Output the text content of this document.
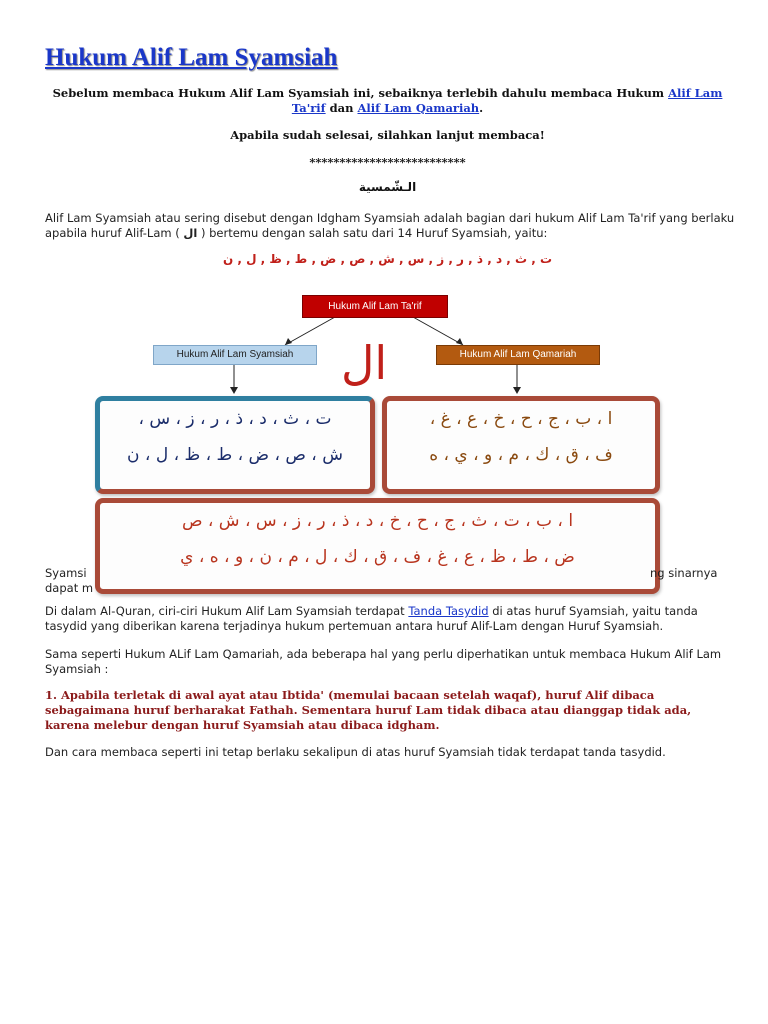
Hukum Alif Lam Syamsiah

Sebelum membaca Hukum Alif Lam Syamsiah ini, sebaiknya terlebih dahulu membaca Hukum Alif Lam Ta'rif dan Alif Lam Qamariah.

Apabila sudah selesai, silahkan lanjut membaca!

**************************

الـشّمسية

Alif Lam Syamsiah atau sering disebut dengan Idgham Syamsiah adalah bagian dari hukum Alif Lam Ta'rif yang berlaku apabila huruf Alif-Lam ( ال ) bertemu dengan salah satu dari 14 Huruf Syamsiah, yaitu:

ت , ث , د , ذ , ر , ز , س , ش , ص , ض , ط , ظ , ل , ن

Hukum Alif Lam Ta'rif
Hukum Alif Lam Syamsiah	Hukum Alif Lam Qamariah
ال
ت ، ث ، د ، ذ ، ر ، ز ، س ،
ش ، ص ، ض ، ط ، ظ ، ل ، ن
ا ، ب ، ج ، ح ، خ ، ع ، غ ،
ف ، ق ، ك ، م ، و ، ي ، ه
ا ، ب ، ت ، ث ، ج ، ح ، خ ، د ، ذ ، ر ، ز ، س ، ش ، ص
ض ، ط ، ظ ، ع ، غ ، ف ، ق ، ك ، ل ، م ، ن ، و ، ه ، ي
Syamsi
dapat m
ng sinarnya

Di dalam Al-Quran, ciri-ciri Hukum Alif Lam Syamsiah terdapat Tanda Tasydid di atas huruf Syamsiah, yaitu tanda tasydid yang diberikan karena terjadinya hukum pertemuan antara huruf Alif-Lam dengan Huruf Syamsiah.

Sama seperti Hukum ALif Lam Qamariah, ada beberapa hal yang perlu diperhatikan untuk membaca Hukum Alif Lam Syamsiah :

1. Apabila terletak di awal ayat atau Ibtida' (memulai bacaan setelah waqaf), huruf Alif dibaca sebagaimana huruf berharakat Fathah. Sementara huruf Lam tidak dibaca atau dianggap tidak ada, karena melebur dengan huruf Syamsiah atau dibaca idgham.

Dan cara membaca seperti ini tetap berlaku sekalipun di atas huruf Syamsiah tidak terdapat tanda tasydid.
